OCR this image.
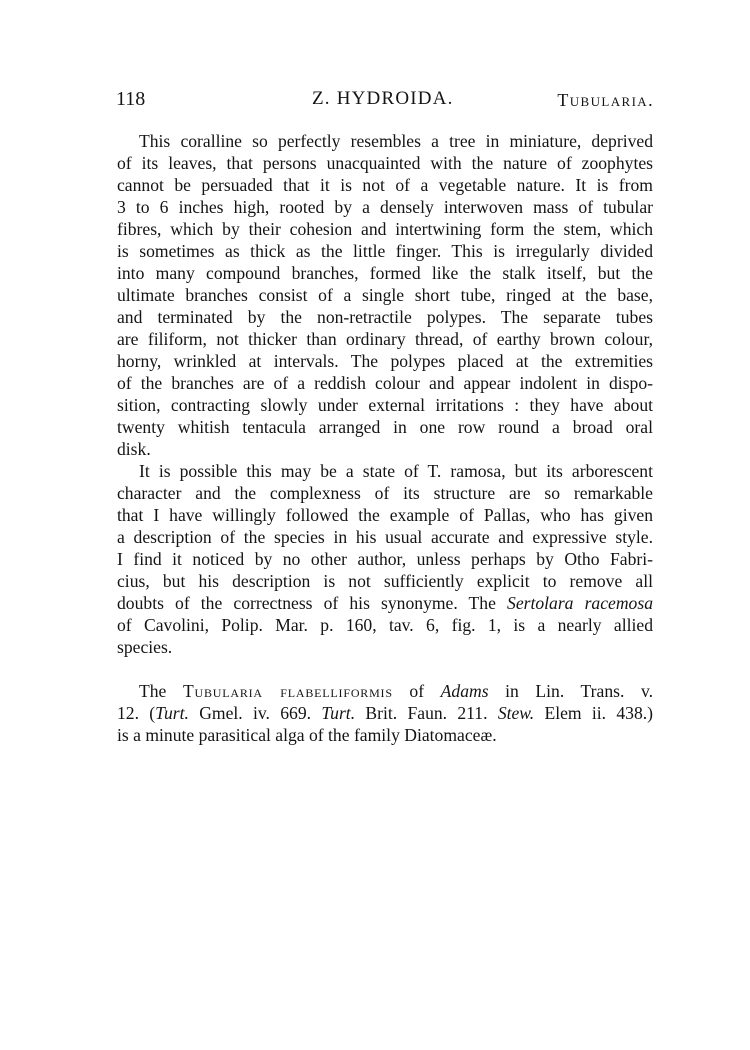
118	Z. HYDROIDA.	Tubularia.
This coralline so perfectly resembles a tree in miniature, deprived
of its leaves, that persons unacquainted with the nature of zoophytes
cannot be persuaded that it is not of a vegetable nature. It is from
3 to 6 inches high, rooted by a densely interwoven mass of tubular
fibres, which by their cohesion and intertwining form the stem, which
is sometimes as thick as the little finger. This is irregularly divided
into many compound branches, formed like the stalk itself, but the
ultimate branches consist of a single short tube, ringed at the base,
and terminated by the non-retractile polypes. The separate tubes
are filiform, not thicker than ordinary thread, of earthy brown colour,
horny, wrinkled at intervals. The polypes placed at the extremities
of the branches are of a reddish colour and appear indolent in dispo-
sition, contracting slowly under external irritations : they have about
twenty whitish tentacula arranged in one row round a broad oral
disk.
It is possible this may be a state of T. ramosa, but its arborescent
character and the complexness of its structure are so remarkable
that I have willingly followed the example of Pallas, who has given
a description of the species in his usual accurate and expressive style.
I find it noticed by no other author, unless perhaps by Otho Fabri-
cius, but his description is not sufficiently explicit to remove all
doubts of the correctness of his synonyme. The Sertolara racemosa
of Cavolini, Polip. Mar. p. 160, tav. 6, fig. 1, is a nearly allied
species.
The Tubularia flabelliformis of Adams in Lin. Trans. v.
12. (Turt. Gmel. iv. 669. Turt. Brit. Faun. 211. Stew. Elem ii. 438.)
is a minute parasitical alga of the family Diatomaceæ.
